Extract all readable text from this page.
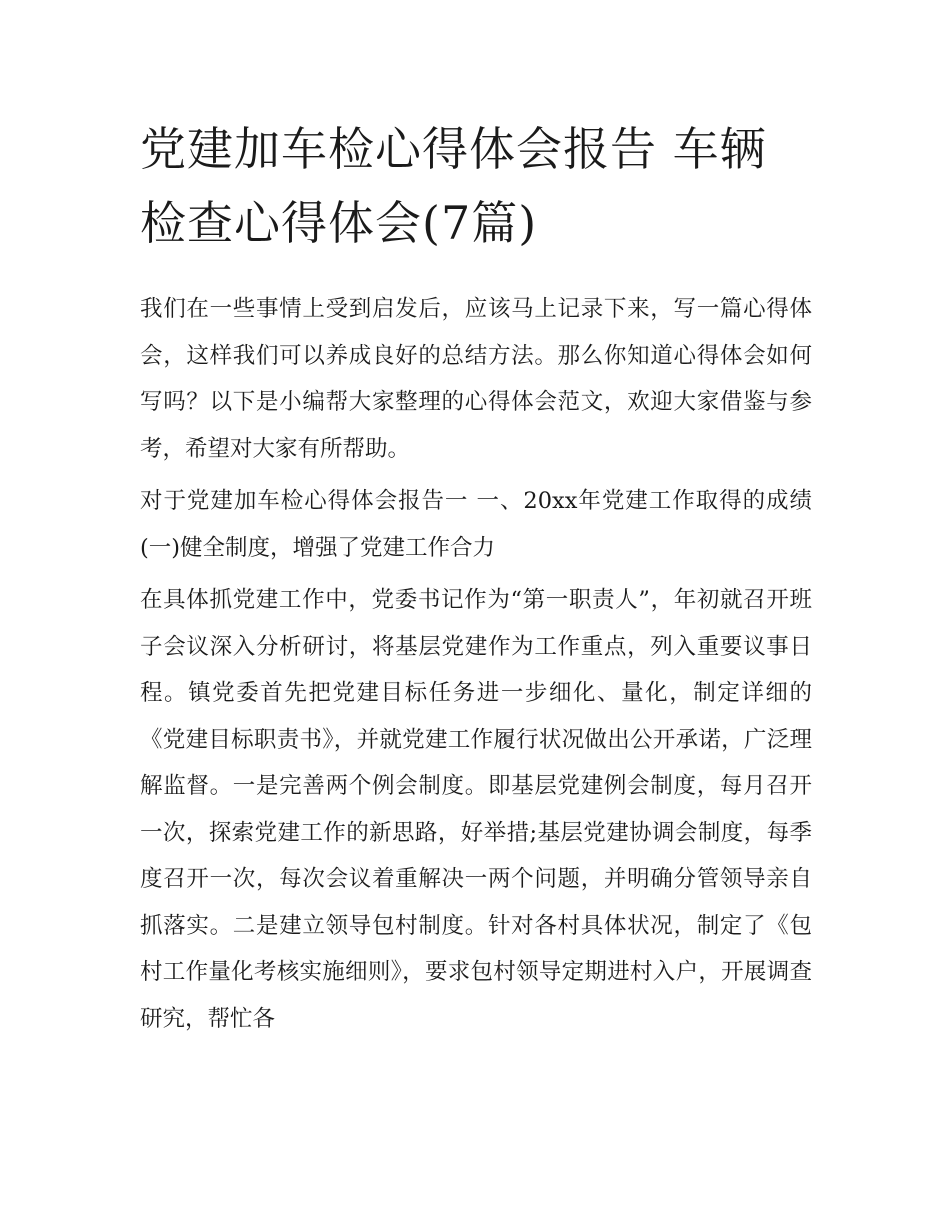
党建加车检心得体会报告 车辆检查心得体会(7篇)

我们在一些事情上受到启发后，应该马上记录下来，写一篇心得体会，这样我们可以养成良好的总结方法。那么你知道心得体会如何写吗？以下是小编帮大家整理的心得体会范文，欢迎大家借鉴与参考，希望对大家有所帮助。

对于党建加车检心得体会报告一 一、20xx年党建工作取得的成绩 (一)健全制度，增强了党建工作合力

在具体抓党建工作中，党委书记作为“第一职责人”，年初就召开班子会议深入分析研讨，将基层党建作为工作重点，列入重要议事日程。镇党委首先把党建目标任务进一步细化、量化，制定详细的《党建目标职责书》，并就党建工作履行状况做出公开承诺，广泛理解监督。一是完善两个例会制度。即基层党建例会制度，每月召开一次，探索党建工作的新思路，好举措;基层党建协调会制度，每季度召开一次，每次会议着重解决一两个问题，并明确分管领导亲自抓落实。二是建立领导包村制度。针对各村具体状况，制定了《包村工作量化考核实施细则》，要求包村领导定期进村入户，开展调查研究，帮忙各
